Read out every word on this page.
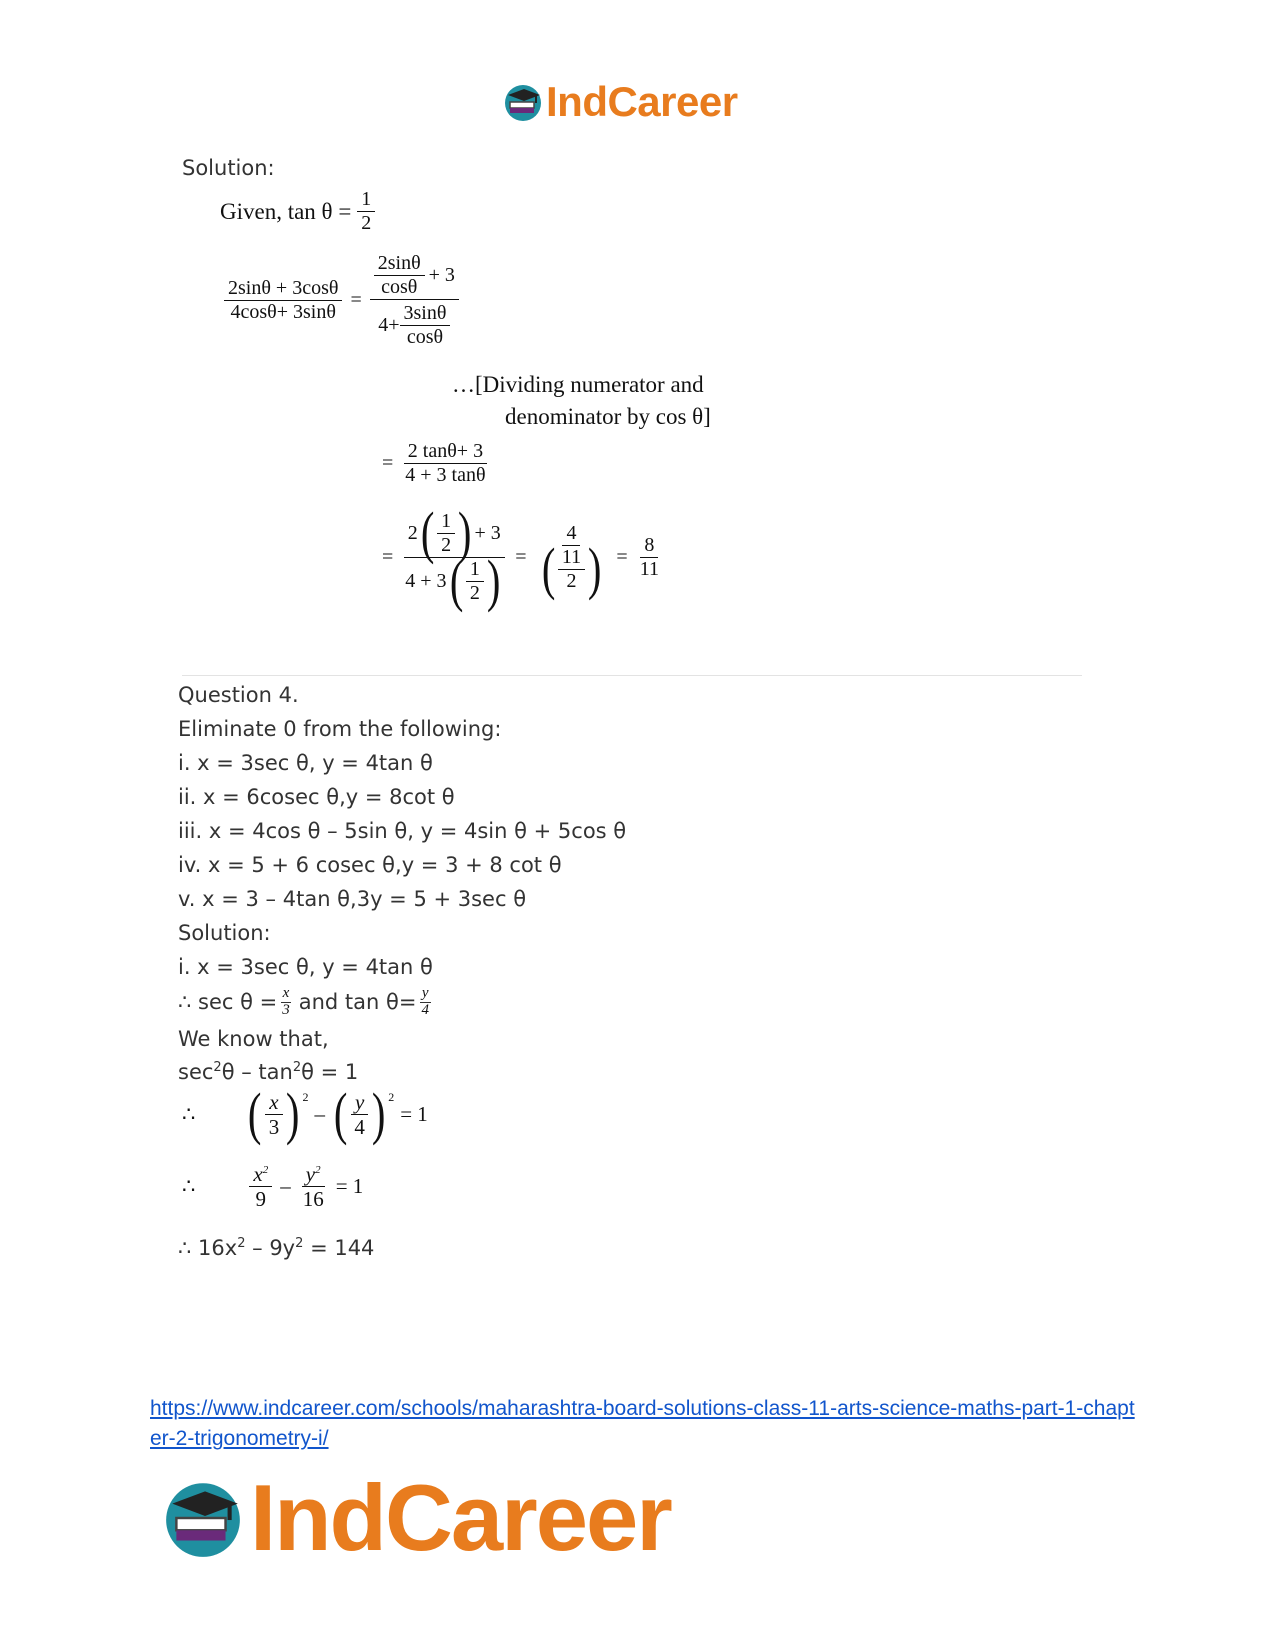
IndCareer
Solution:
Given, $\tan \theta = \frac{1}{2}$
$\frac{2\sin\theta + 3\cos\theta}{4\cos\theta+ 3\sin\theta} = \frac{\frac{2\sin\theta}{\cos\theta} + 3}{4+ \frac{3\sin\theta}{\cos\theta}}$
…[Dividing numerator and
denominator by cos θ]
= $\frac{2 \tan\theta+ 3}{4 + 3 \tan\theta}$
=
2 ( $\frac{1}{2}$ ) + 3
4 + 3 ( $\frac{1}{2}$ ) = $\frac{4}{( \frac{11}{2} )} = \frac{8}{11}$
Question 4.
Eliminate 0 from the following:
i. x = 3sec θ, y = 4tan θ
ii. x = 6cosec θ,y = 8cot θ
iii. x = 4cos θ – 5sin θ, y = 4sin θ + 5cos θ
iv. x = 5 + 6 cosec θ,y = 3 + 8 cot θ
v. x = 3 – 4tan θ,3y = 5 + 3sec θ
Solution:
i. x = 3sec θ, y = 4tan θ
∴ $\sec \theta = \frac{x}{3}$ and $\tan \theta= \frac{y}{4}$
We know that,
$\sec^2\theta - \tan^2\theta = 1$
∴ ( $\frac{x}{3} )^2$
– ( $\frac{y}{4} )^2$
= 1
∴	$\frac{x^2}{9} - \frac{y^2}{16} = 1$
∴ $16x^2 - 9y^2 = 144$
https://www.indcareer.com/schools/maharashtra-board-solutions-class-11-arts-science-maths-part-1-chapter-2-trigonometry-i/
IndCareer
